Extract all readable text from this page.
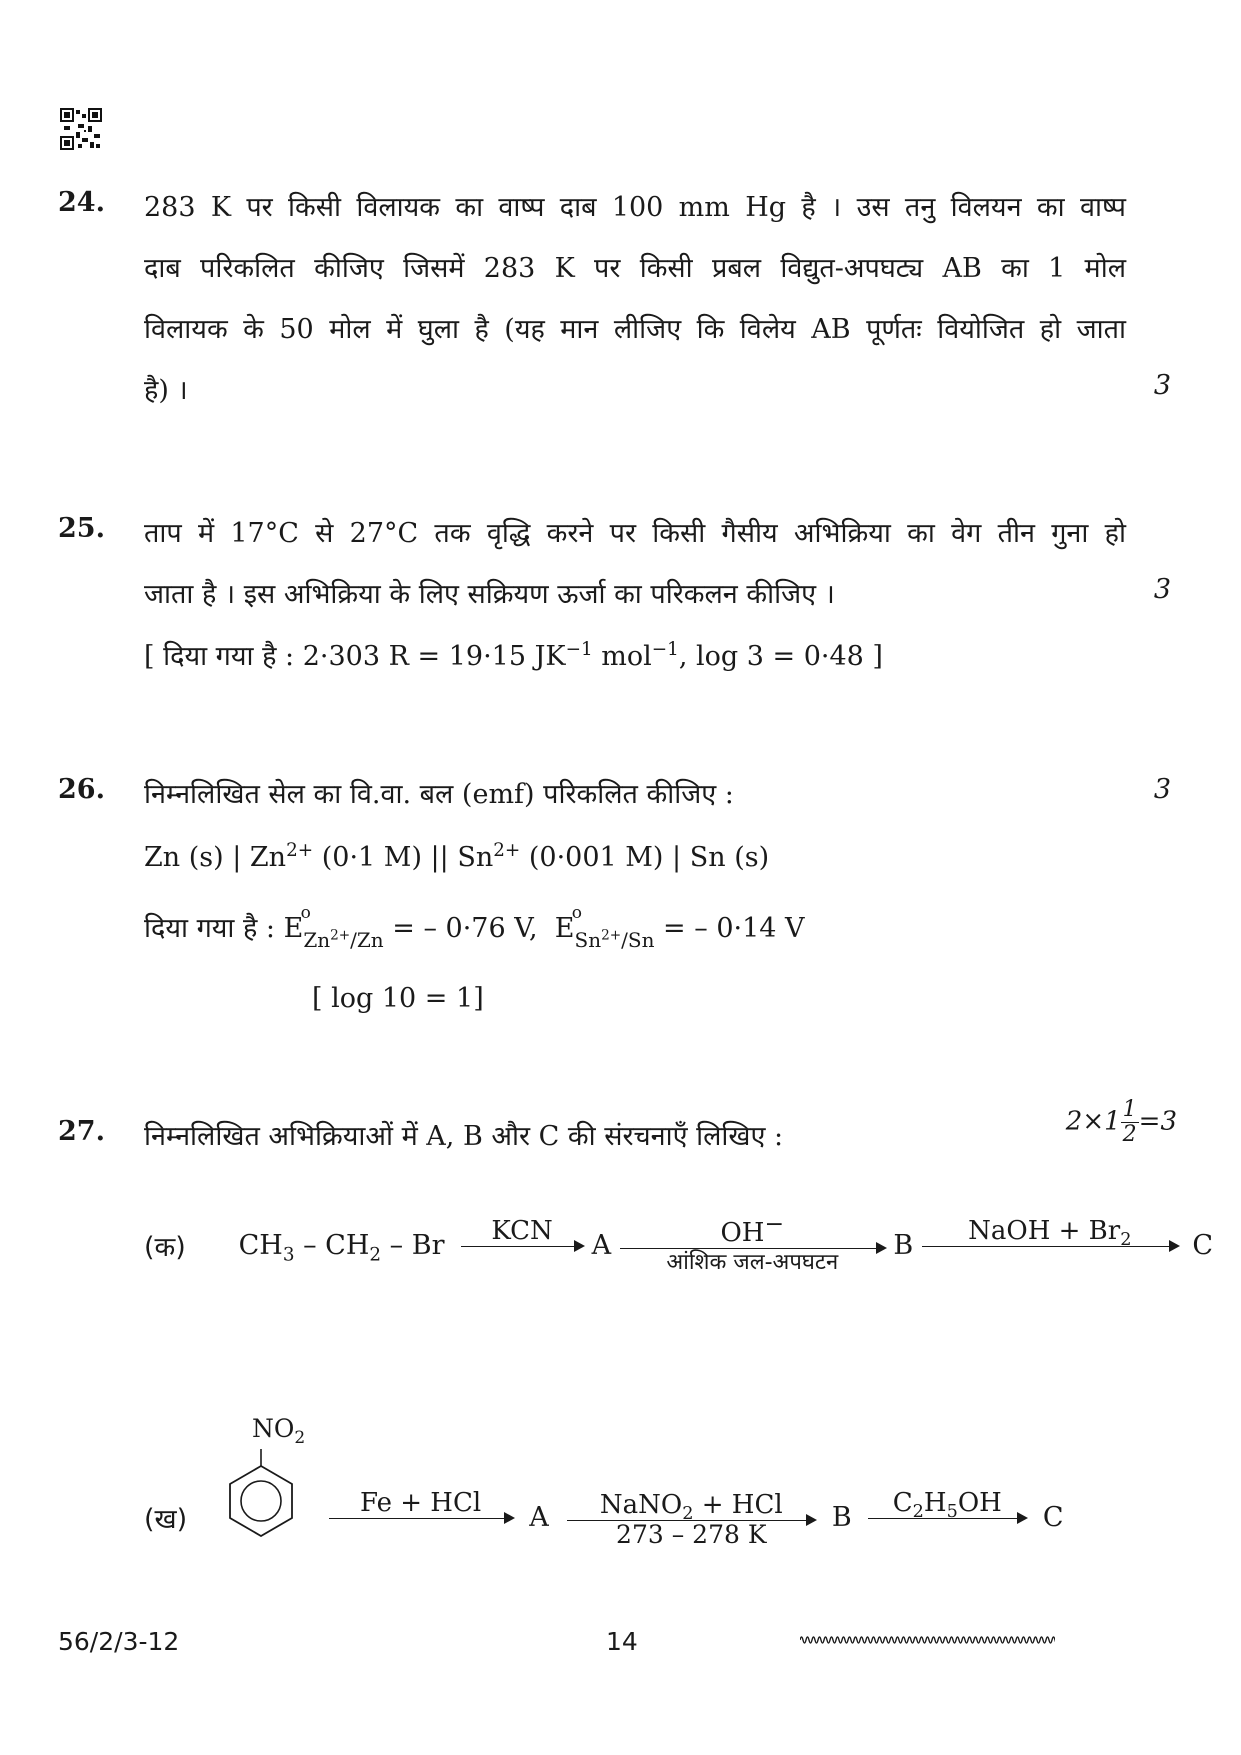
24. 283 K पर किसी विलायक का वाष्प दाब 100 mm Hg है । उस तनु विलयन का वाष्प
दाब परिकलित कीजिए जिसमें 283 K पर किसी प्रबल विद्युत-अपघट्य AB का 1 मोल
विलायक के 50 मोल में घुला है (यह मान लीजिए कि विलेय AB पूर्णतः वियोजित हो जाता
है) ।	3
25. ताप में 17°C से 27°C तक वृद्धि करने पर किसी गैसीय अभिक्रिया का वेग तीन गुना हो
जाता है । इस अभिक्रिया के लिए सक्रियण ऊर्जा का परिकलन कीजिए ।	3
[ दिया गया है : 2·303 R = 19·15 $JK^{-1}$ mol$^{-1}$, log 3 = 0·48 ]
26. निम्नलिखित सेल का वि.वा. बल (emf) परिकलित कीजिए :	3
Zn (s) | $Zn^{2+}$ (0·1 M) || $Sn^{2+}$ (0·001 M) | Sn (s)
दिया गया है : E
o
$_{Zn^{2+}/Zn}$ = – 0·76 V, E
o
$_{Sn^{2+}/Sn}$ = – 0·14 V
[ log 10 = 1]
27. निम्नलिखित अभिक्रियाओं में A, B और C की संरचनाएँ लिखिए :	$2\times 1 \frac{1}{2} =3$
(क) $CH_3 - CH_2$ – Br	KCN	A	OH−
आंशिक जल-अपघटन
B	NaOH + $Br_2$	C
$NO_2$
(ख)
Fe + HCl	A	NaNO$_2$ + HCl
273 – 278 K
B	$C_2H_5OH$	C
56/2/3-12	14
